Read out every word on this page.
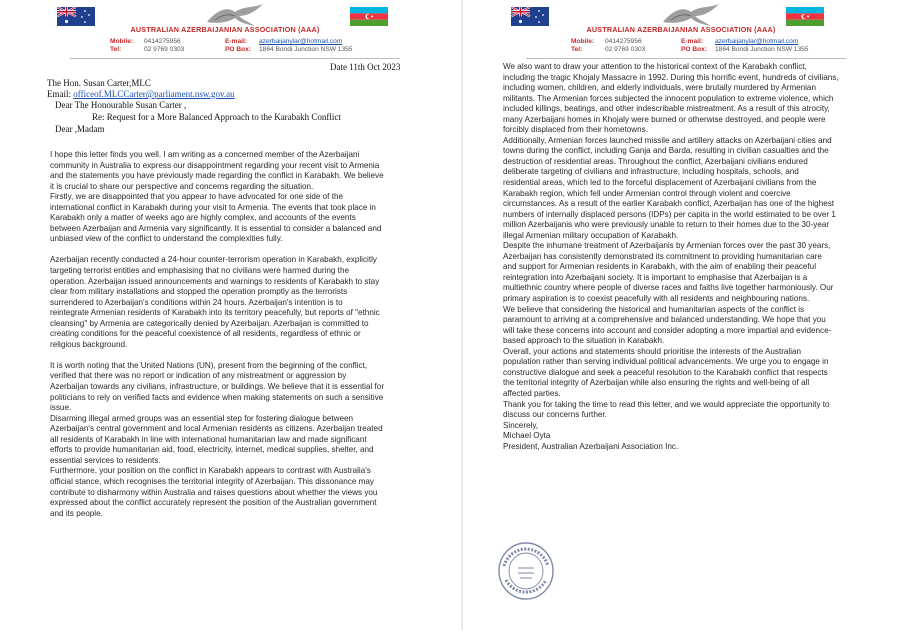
AUSTRALIAN AZERBAIJANIAN ASSOCIATION (AAA)
Mobile: 0414275956
Tel:	02 9769 0303
E-mail: azerbaijanylar@hotmail.com
PO Box: 1864 Bondi Junction NSW 1355
Date 11th Oct 2023
The Hon. Susan Carter,MLC
Email: officeof.MLCCarter@parliament.nsw.gov.au
Dear The Honourable Susan Carter ,
Re: Request for a More Balanced Approach to the Karabakh Conflict
Dear ,Madam
I hope this letter finds you well. I am writing as a concerned member of the Azerbaijani
community in Australia to express our disappointment regarding your recent visit to Armenia
and the statements you have previously made regarding the conflict in Karabakh. We believe
it is crucial to share our perspective and concerns regarding the situation.
Firstly, we are disappointed that you appear to have advocated for one side of the
international conflict in Karabakh during your visit to Armenia. The events that took place in
Karabakh only a matter of weeks ago are highly complex, and accounts of the events
between Azerbaijan and Armenia vary significantly. It is essential to consider a balanced and
unbiased view of the conflict to understand the complexities fully.
Azerbaijan recently conducted a 24-hour counter-terrorism operation in Karabakh, explicitly
targeting terrorist entities and emphasising that no civilians were harmed during the
operation. Azerbaijan issued announcements and warnings to residents of Karabakh to stay
clear from military installations and stopped the operation promptly as the terrorists
surrendered to Azerbaijan's conditions within 24 hours. Azerbaijan's intention is to
reintegrate Armenian residents of Karabakh into its territory peacefully, but reports of "ethnic
cleansing" by Armenia are categorically denied by Azerbaijan. Azerbaijan is committed to
creating conditions for the peaceful coexistence of all residents, regardless of ethnic or
religious background.
It is worth noting that the United Nations (UN), present from the beginning of the conflict,
verified that there was no report or indication of any mistreatment or aggression by
Azerbaijan towards any civilians, infrastructure, or buildings. We believe that it is essential for
politicians to rely on verified facts and evidence when making statements on such a sensitive
issue.
Disarming illegal armed groups was an essential step for fostering dialogue between
Azerbaijan's central government and local Armenian residents as citizens. Azerbaijan treated
all residents of Karabakh in line with international humanitarian law and made significant
efforts to provide humanitarian aid, food, electricity, internet, medical supplies, shelter, and
essential services to residents.
Furthermore, your position on the conflict in Karabakh appears to contrast with Australia's
official stance, which recognises the territorial integrity of Azerbaijan. This dissonance may
contribute to disharmony within Australia and raises questions about whether the views you
expressed about the conflict accurately represent the position of the Australian government
and its people.
AUSTRALIAN AZERBAIJANIAN ASSOCIATION (AAA)
Mobile: 0414275956
Tel:	02 9769 0303
E-mail: azerbaijanylar@hotmail.com
PO Box: 1864 Bondi Junction NSW 1355
We also want to draw your attention to the historical context of the Karabakh conflict,
including the tragic Khojaly Massacre in 1992. During this horrific event, hundreds of civilians,
including women, children, and elderly individuals, were brutally murdered by Armenian
militants. The Armenian forces subjected the innocent population to extreme violence, which
included killings, beatings, and other indescribable mistreatment. As a result of this atrocity,
many Azerbaijani homes in Khojaly were burned or otherwise destroyed, and people were
forcibly displaced from their hometowns.
Additionally, Armenian forces launched missile and artillery attacks on Azerbaijani cities and
towns during the conflict, including Ganja and Barda, resulting in civilian casualties and the
destruction of residential areas. Throughout the conflict, Azerbaijani civilians endured
deliberate targeting of civilians and infrastructure, including hospitals, schools, and
residential areas, which led to the forceful displacement of Azerbaijani civilians from the
Karabakh region, which fell under Armenian control through violent and coercive
circumstances. As a result of the earlier Karabakh conflict, Azerbaijan has one of the highest
numbers of internally displaced persons (IDPs) per capita in the world estimated to be over 1
million Azerbaijanis who were previously unable to return to their homes due to the 30-year
illegal Armenian military occupation of Karabakh.
Despite the inhumane treatment of Azerbaijanis by Armenian forces over the past 30 years,
Azerbaijan has consistently demonstrated its commitment to providing humanitarian care
and support for Armenian residents in Karabakh, with the aim of enabling their peaceful
reintegration into Azerbaijani society. It is important to emphasise that Azerbaijan is a
multiethnic country where people of diverse races and faiths live together harmoniously. Our
primary aspiration is to coexist peacefully with all residents and neighbouring nations.
We believe that considering the historical and humanitarian aspects of the conflict is
paramount to arriving at a comprehensive and balanced understanding. We hope that you
will take these concerns into account and consider adopting a more impartial and evidence-
based approach to the situation in Karabakh.
Overall, your actions and statements should prioritise the interests of the Australian
population rather than serving individual political advancements. We urge you to engage in
constructive dialogue and seek a peaceful resolution to the Karabakh conflict that respects
the territorial integrity of Azerbaijan while also ensuring the rights and well-being of all
affected parties.
Thank you for taking the time to read this letter, and we would appreciate the opportunity to
discuss our concerns further.
Sincerely,
Michael Oyta
President, Australian Azerbaijani Association Inc.
